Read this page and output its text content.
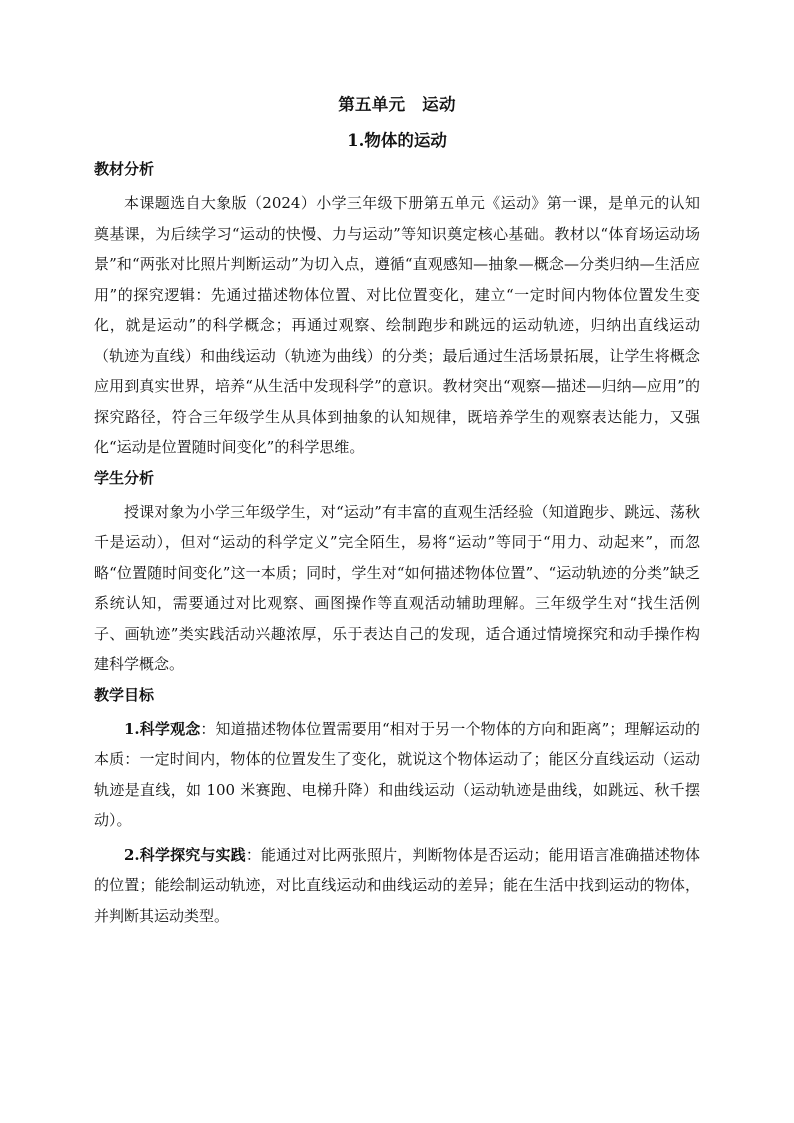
第五单元　运动
1.物体的运动
教材分析

本课题选自大象版（2024）小学三年级下册第五单元《运动》第一课，是单元的认知奠基课，为后续学习“运动的快慢、力与运动”等知识奠定核心基础。教材以“体育场运动场景”和“两张对比照片判断运动”为切入点，遵循“直观感知—抽象—概念—分类归纳—生活应用”的探究逻辑：先通过描述物体位置、对比位置变化，建立“一定时间内物体位置发生变化，就是运动”的科学概念；再通过观察、绘制跑步和跳远的运动轨迹，归纳出直线运动（轨迹为直线）和曲线运动（轨迹为曲线）的分类；最后通过生活场景拓展，让学生将概念应用到真实世界，培养“从生活中发现科学”的意识。教材突出“观察—描述—归纳—应用”的探究路径，符合三年级学生从具体到抽象的认知规律，既培养学生的观察表达能力，又强化“运动是位置随时间变化”的科学思维。

学生分析

授课对象为小学三年级学生，对“运动”有丰富的直观生活经验（知道跑步、跳远、荡秋千是运动），但对“运动的科学定义”完全陌生，易将“运动”等同于“用力、动起来”，而忽略“位置随时间变化”这一本质；同时，学生对“如何描述物体位置”、“运动轨迹的分类”缺乏系统认知，需要通过对比观察、画图操作等直观活动辅助理解。三年级学生对“找生活例子、画轨迹”类实践活动兴趣浓厚，乐于表达自己的发现，适合通过情境探究和动手操作构建科学概念。

教学目标

1.科学观念：知道描述物体位置需要用“相对于另一个物体的方向和距离”；理解运动的本质：一定时间内，物体的位置发生了变化，就说这个物体运动了；能区分直线运动（运动轨迹是直线，如 100 米赛跑、电梯升降）和曲线运动（运动轨迹是曲线，如跳远、秋千摆动）。

2.科学探究与实践：能通过对比两张照片，判断物体是否运动；能用语言准确描述物体的位置；能绘制运动轨迹，对比直线运动和曲线运动的差异；能在生活中找到运动的物体，并判断其运动类型。
